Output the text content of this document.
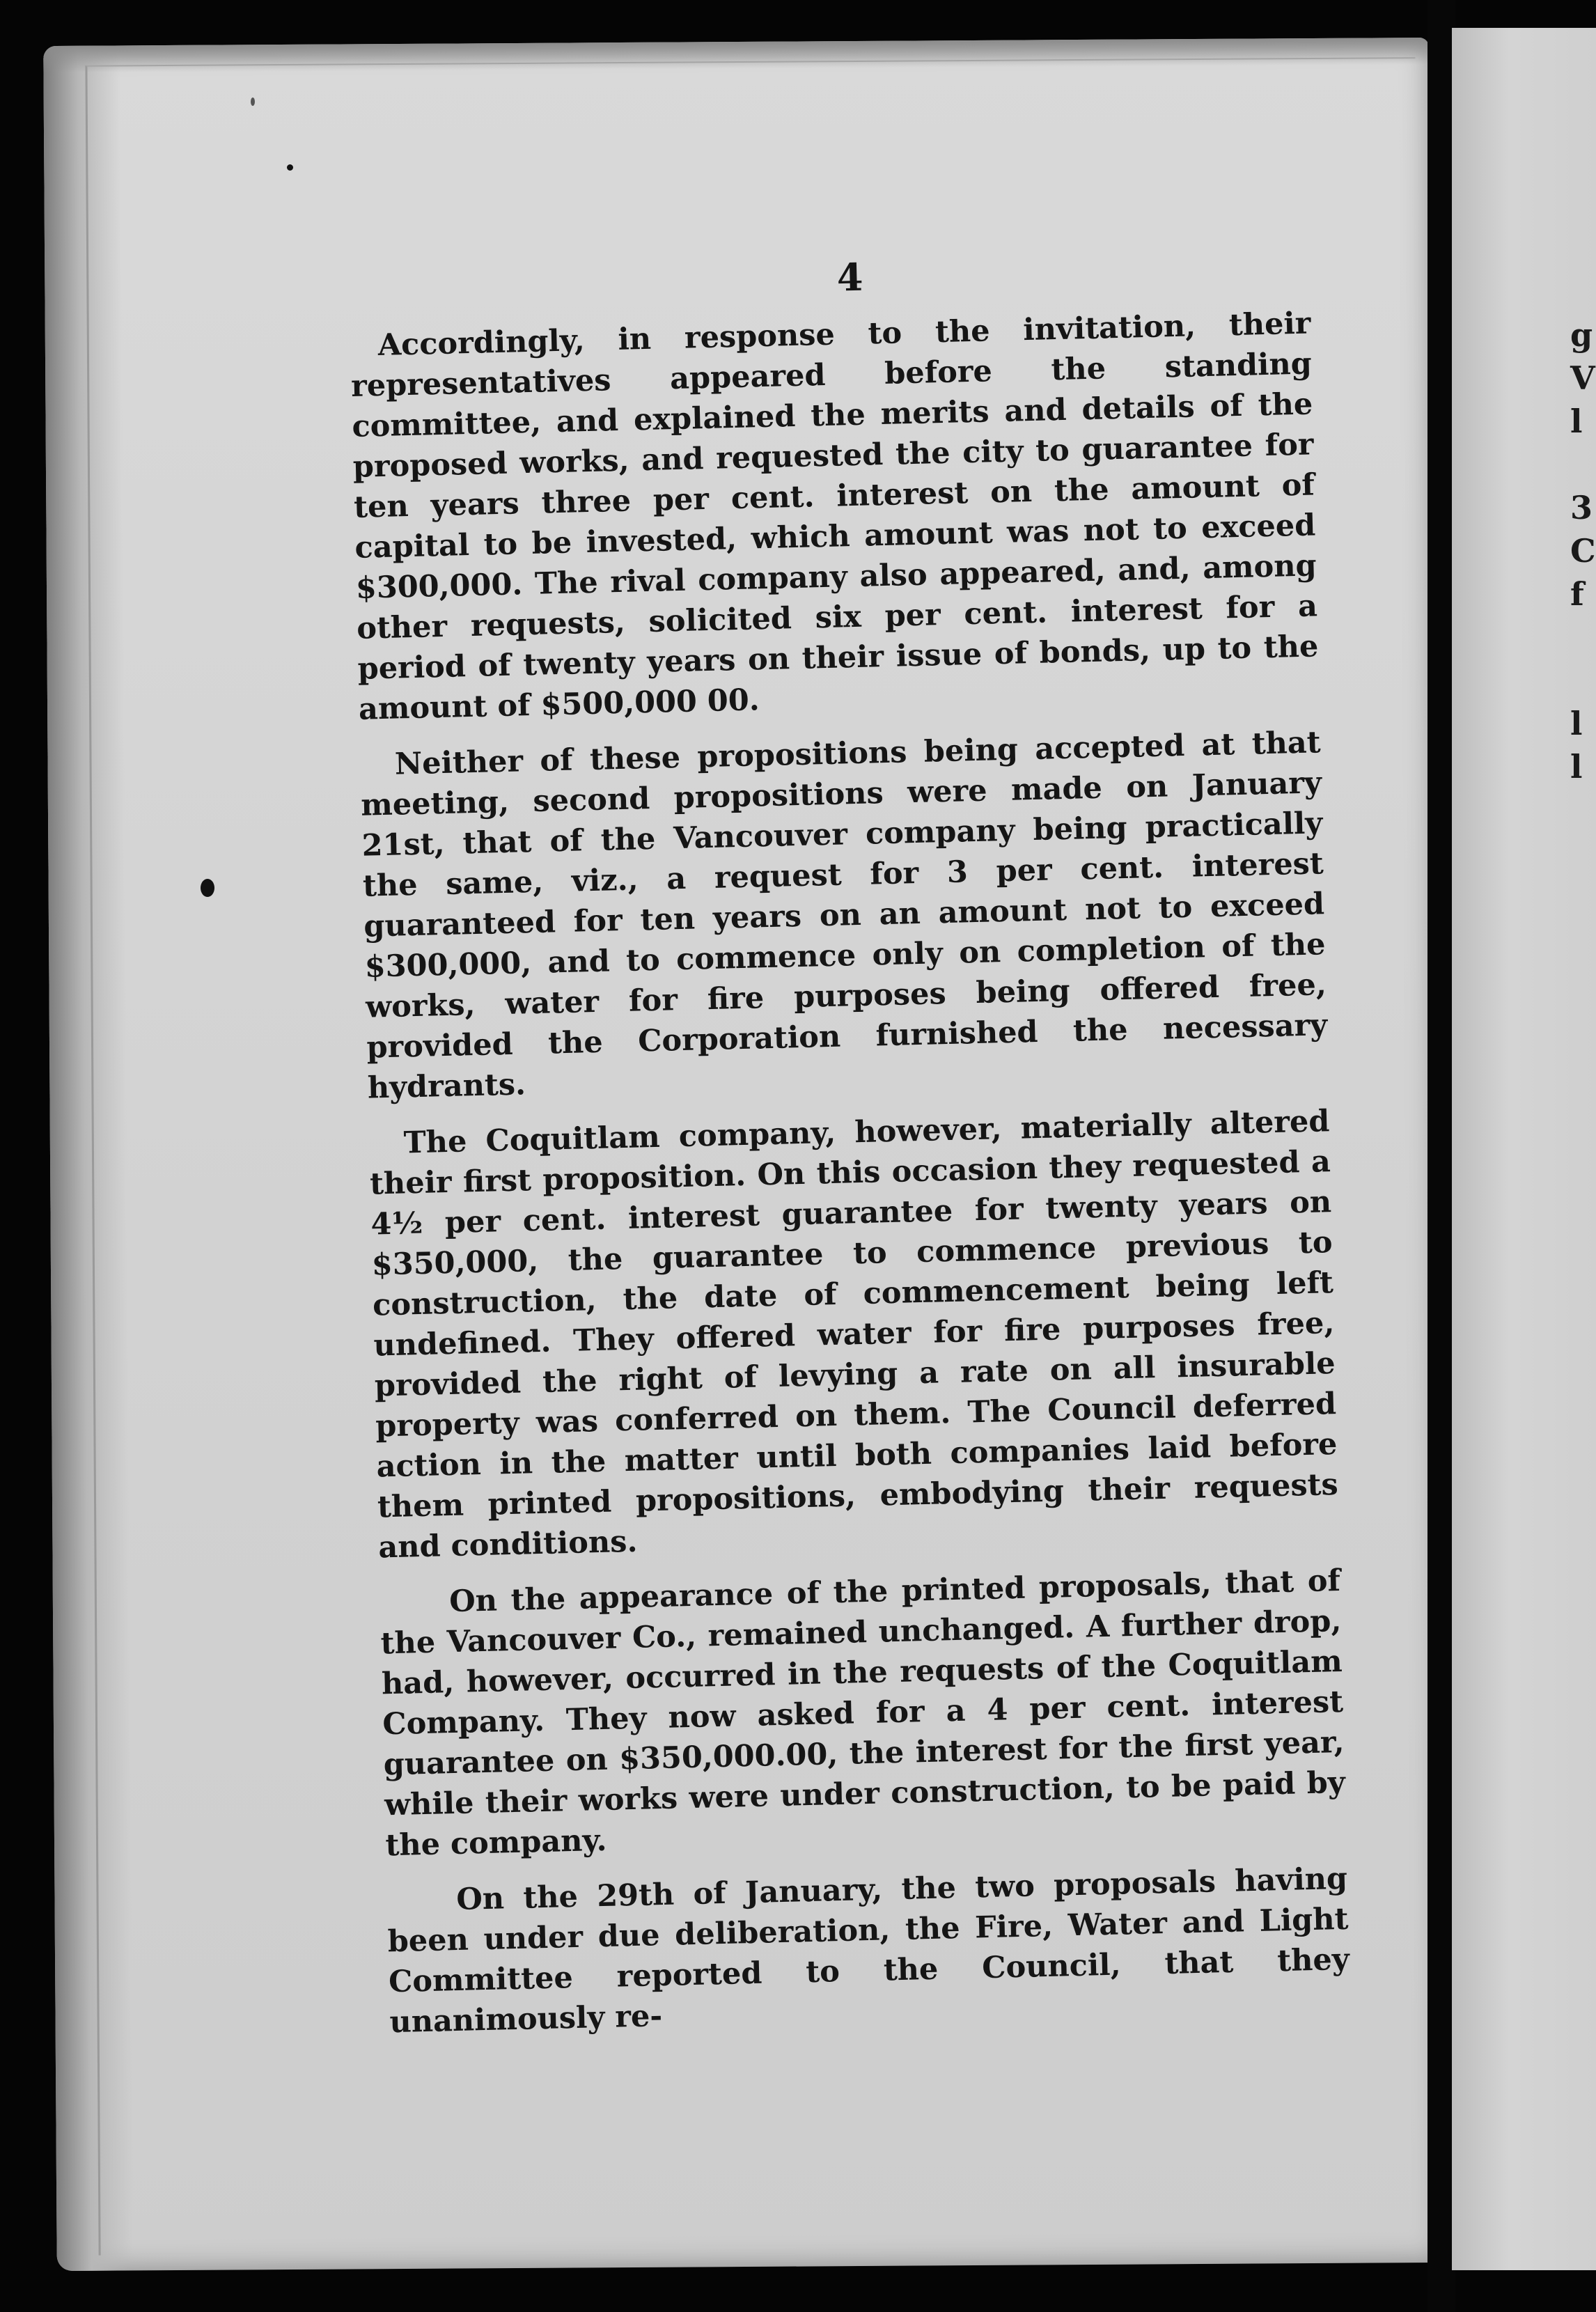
g
V
l

3
C
f

l
l
4

Accordingly, in response to the invitation, their representatives appeared before the standing committee, and explained the merits and details of the proposed works, and requested the city to guarantee for ten years three per cent. interest on the amount of capital to be invested, which amount was not to exceed $300,000. The rival company also appeared, and, among other requests, solicited six per cent. interest for a period of twenty years on their issue of bonds, up to the amount of $500,000 00.

Neither of these propositions being accepted at that meeting, second propositions were made on January 21st, that of the Vancouver company being practically the same, viz., a request for 3 per cent. interest guaranteed for ten years on an amount not to exceed $300,000, and to commence only on completion of the works, water for fire purposes being offered free, provided the Corporation furnished the necessary hydrants.

The Coquitlam company, however, materially altered their first proposition. On this occasion they requested a 4½ per cent. interest guarantee for twenty years on $350,000, the guarantee to commence previous to construction, the date of commencement being left undefined. They offered water for fire purposes free, provided the right of levying a rate on all insurable property was conferred on them. The Council deferred action in the matter until both companies laid before them printed propositions, embodying their requests and conditions.

On the appearance of the printed proposals, that of the Vancouver Co., remained unchanged. A further drop, had, however, occurred in the requests of the Coquitlam Company. They now asked for a 4 per cent. interest guarantee on $350,000.00, the interest for the first year, while their works were under construction, to be paid by the company.

On the 29th of January, the two proposals having been under due deliberation, the Fire, Water and Light Committee reported to the Council, that they unanimously re-
